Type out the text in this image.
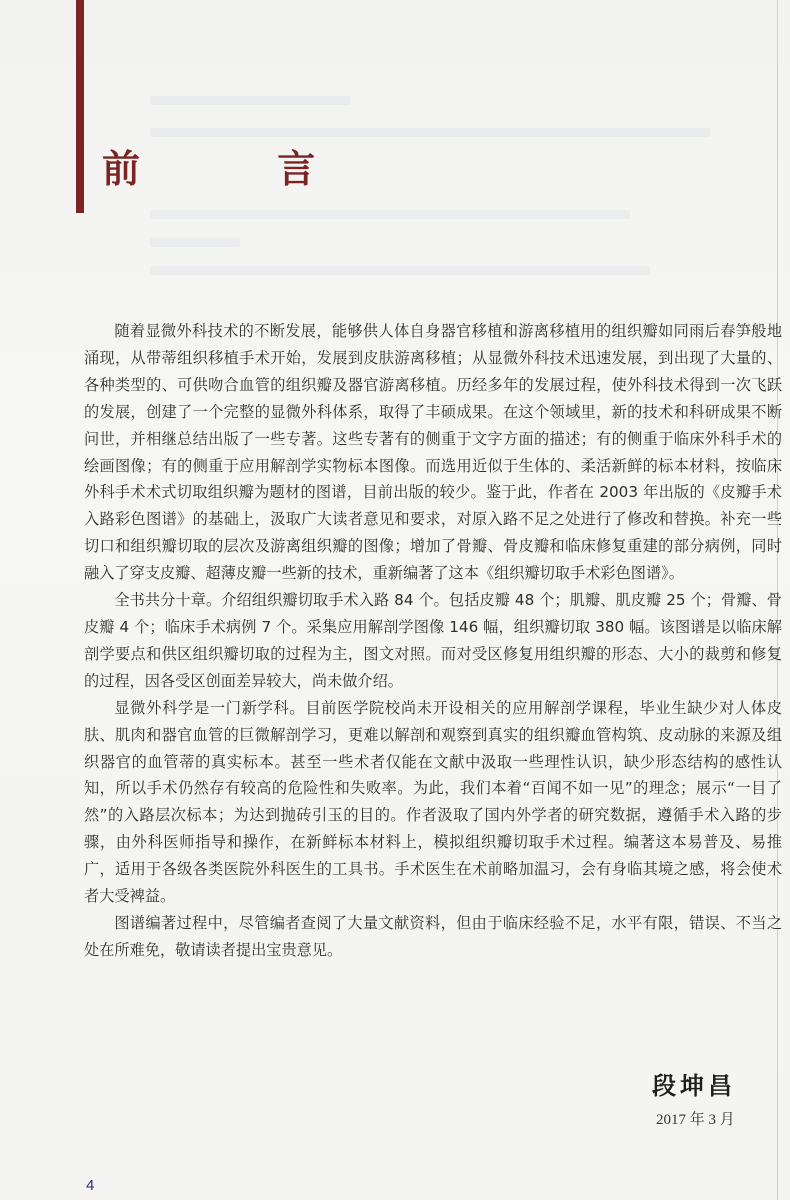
前 言

随着显微外科技术的不断发展，能够供人体自身器官移植和游离移植用的组织瓣如同雨后春笋般地涌现，从带蒂组织移植手术开始，发展到皮肤游离移植；从显微外科技术迅速发展，到出现了大量的、各种类型的、可供吻合血管的组织瓣及器官游离移植。历经多年的发展过程，使外科技术得到一次飞跃的发展，创建了一个完整的显微外科体系，取得了丰硕成果。在这个领域里，新的技术和科研成果不断问世，并相继总结出版了一些专著。这些专著有的侧重于文字方面的描述；有的侧重于临床外科手术的绘画图像；有的侧重于应用解剖学实物标本图像。而选用近似于生体的、柔活新鲜的标本材料，按临床外科手术术式切取组织瓣为题材的图谱，目前出版的较少。鉴于此，作者在 2003 年出版的《皮瓣手术入路彩色图谱》的基础上，汲取广大读者意见和要求，对原入路不足之处进行了修改和替换。补充一些切口和组织瓣切取的层次及游离组织瓣的图像；增加了骨瓣、骨皮瓣和临床修复重建的部分病例，同时融入了穿支皮瓣、超薄皮瓣一些新的技术，重新编著了这本《组织瓣切取手术彩色图谱》。

全书共分十章。介绍组织瓣切取手术入路 84 个。包括皮瓣 48 个；肌瓣、肌皮瓣 25 个；骨瓣、骨皮瓣 4 个；临床手术病例 7 个。采集应用解剖学图像 146 幅，组织瓣切取 380 幅。该图谱是以临床解剖学要点和供区组织瓣切取的过程为主，图文对照。而对受区修复用组织瓣的形态、大小的裁剪和修复的过程，因各受区创面差异较大，尚未做介绍。

显微外科学是一门新学科。目前医学院校尚未开设相关的应用解剖学课程，毕业生缺少对人体皮肤、肌肉和器官血管的巨微解剖学习，更难以解剖和观察到真实的组织瓣血管构筑、皮动脉的来源及组织器官的血管蒂的真实标本。甚至一些术者仅能在文献中汲取一些理性认识，缺少形态结构的感性认知，所以手术仍然存有较高的危险性和失败率。为此，我们本着“百闻不如一见”的理念；展示“一目了然”的入路层次标本；为达到抛砖引玉的目的。作者汲取了国内外学者的研究数据，遵循手术入路的步骤，由外科医师指导和操作，在新鲜标本材料上，模拟组织瓣切取手术过程。编著这本易普及、易推广，适用于各级各类医院外科医生的工具书。手术医生在术前略加温习，会有身临其境之感，将会使术者大受裨益。

图谱编著过程中，尽管编者查阅了大量文献资料，但由于临床经验不足，水平有限，错误、不当之处在所难免，敬请读者提出宝贵意见。

段坤昌
2017 年 3 月
4
